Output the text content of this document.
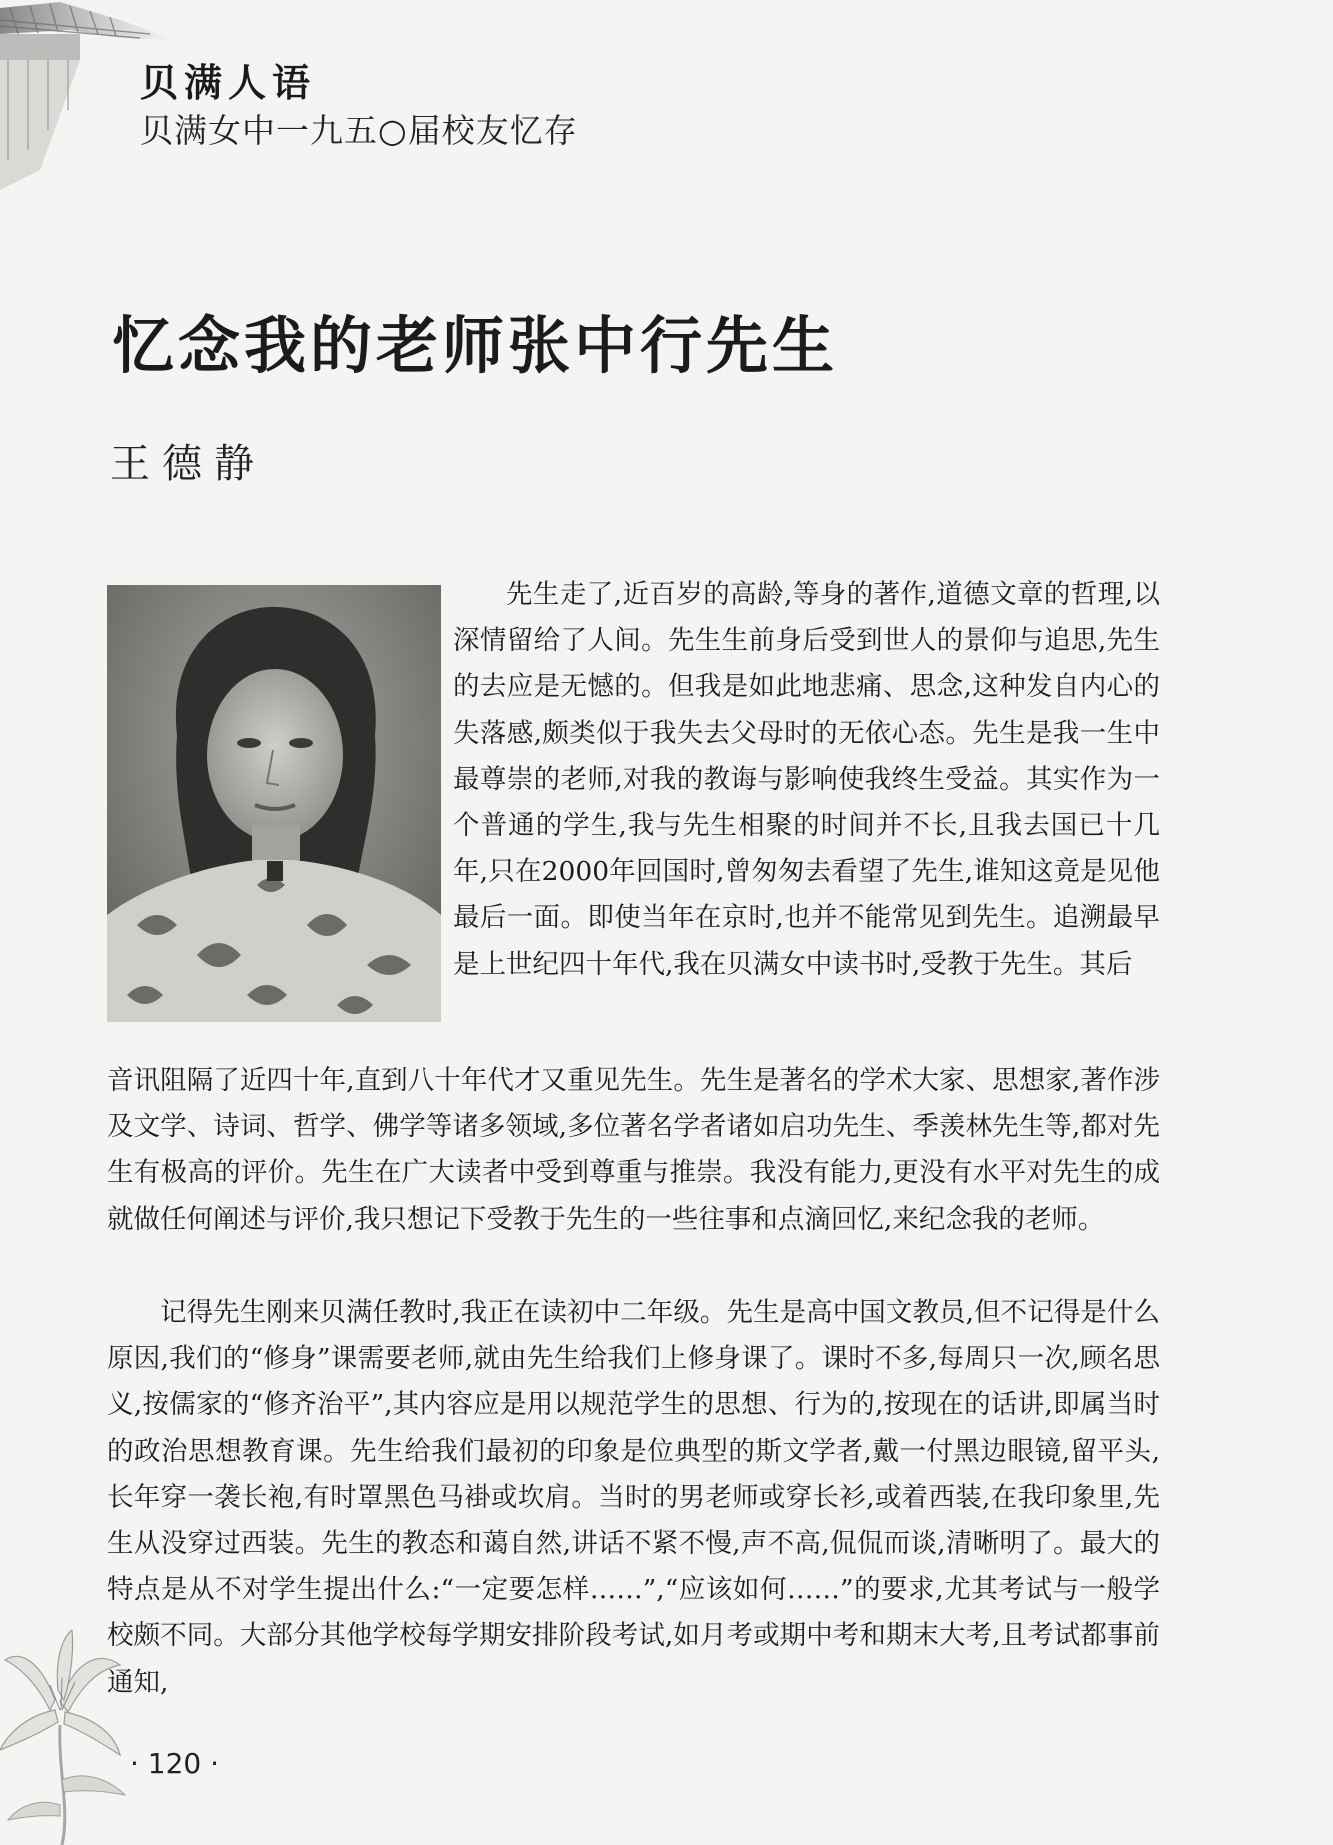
贝满人语
贝满女中一九五○届校友忆存
忆念我的老师张中行先生
王德静

先生走了,近百岁的高龄,等身的著作,道德文章的哲理,以深情留给了人间。先生生前身后受到世人的景仰与追思,先生的去应是无憾的。但我是如此地悲痛、思念,这种发自内心的失落感,颇类似于我失去父母时的无依心态。先生是我一生中最尊崇的老师,对我的教诲与影响使我终生受益。其实作为一个普通的学生,我与先生相聚的时间并不长,且我去国已十几年,只在2000年回国时,曾匆匆去看望了先生,谁知这竟是见他最后一面。即使当年在京时,也并不能常见到先生。追溯最早是上世纪四十年代,我在贝满女中读书时,受教于先生。其后

音讯阻隔了近四十年,直到八十年代才又重见先生。先生是著名的学术大家、思想家,著作涉及文学、诗词、哲学、佛学等诸多领域,多位著名学者诸如启功先生、季羡林先生等,都对先生有极高的评价。先生在广大读者中受到尊重与推崇。我没有能力,更没有水平对先生的成就做任何阐述与评价,我只想记下受教于先生的一些往事和点滴回忆,来纪念我的老师。

记得先生刚来贝满任教时,我正在读初中二年级。先生是高中国文教员,但不记得是什么原因,我们的“修身”课需要老师,就由先生给我们上修身课了。课时不多,每周只一次,顾名思义,按儒家的“修齐治平”,其内容应是用以规范学生的思想、行为的,按现在的话讲,即属当时的政治思想教育课。先生给我们最初的印象是位典型的斯文学者,戴一付黑边眼镜,留平头,长年穿一袭长袍,有时罩黑色马褂或坎肩。当时的男老师或穿长衫,或着西装,在我印象里,先生从没穿过西装。先生的教态和蔼自然,讲话不紧不慢,声不高,侃侃而谈,清晰明了。最大的特点是从不对学生提出什么:“一定要怎样……”,“应该如何……”的要求,尤其考试与一般学校颇不同。大部分其他学校每学期安排阶段考试,如月考或期中考和期末大考,且考试都事前通知,

· 120 ·
